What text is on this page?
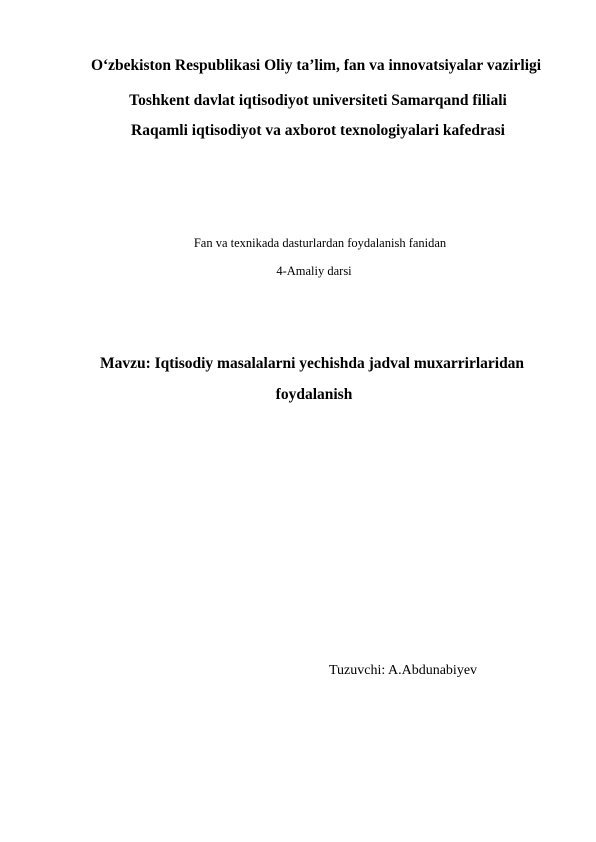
O‘zbekiston Respublikasi Oliy ta’lim, fan va innovatsiyalar vazirligi
Toshkent davlat iqtisodiyot universiteti Samarqand filiali
Raqamli iqtisodiyot va axborot texnologiyalari kafedrasi
Fan va texnikada dasturlardan foydalanish fanidan
4-Amaliy darsi
Mavzu: Iqtisodiy masalalarni yechishda jadval muxarrirlaridan
foydalanish
Tuzuvchi: A.Abdunabiyev
